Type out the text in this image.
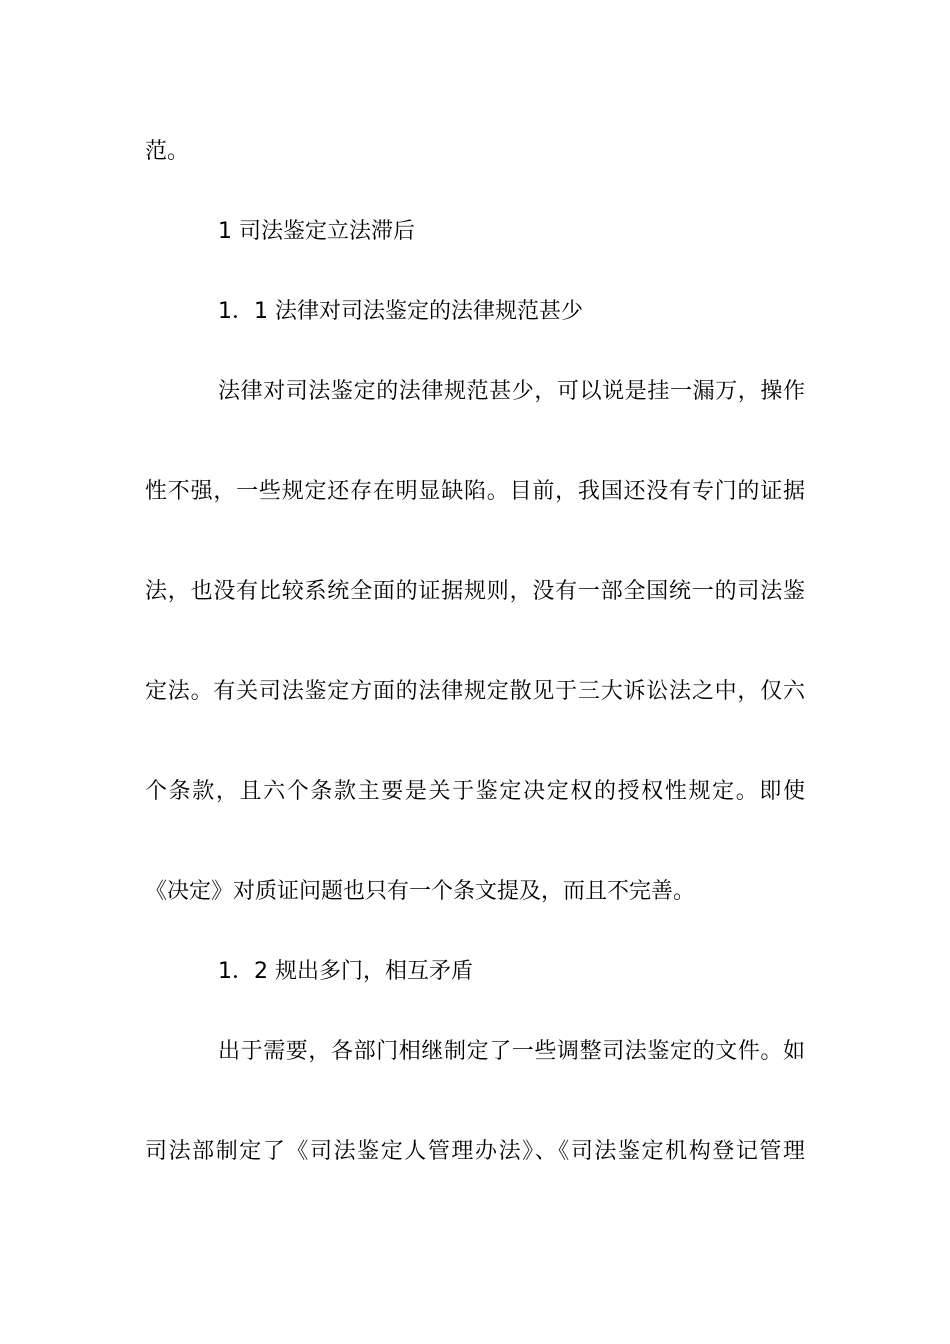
范。

1 司法鉴定立法滞后

1．1 法律对司法鉴定的法律规范甚少

法律对司法鉴定的法律规范甚少，可以说是挂一漏万，操作

性不强，一些规定还存在明显缺陷。目前，我国还没有专门的证据

法，也没有比较系统全面的证据规则，没有一部全国统一的司法鉴

定法。有关司法鉴定方面的法律规定散见于三大诉讼法之中，仅六

个条款，且六个条款主要是关于鉴定决定权的授权性规定。即使

《决定》对质证问题也只有一个条文提及，而且不完善。

1．2 规出多门，相互矛盾

出于需要，各部门相继制定了一些调整司法鉴定的文件。如

司法部制定了《司法鉴定人管理办法》、《司法鉴定机构登记管理
